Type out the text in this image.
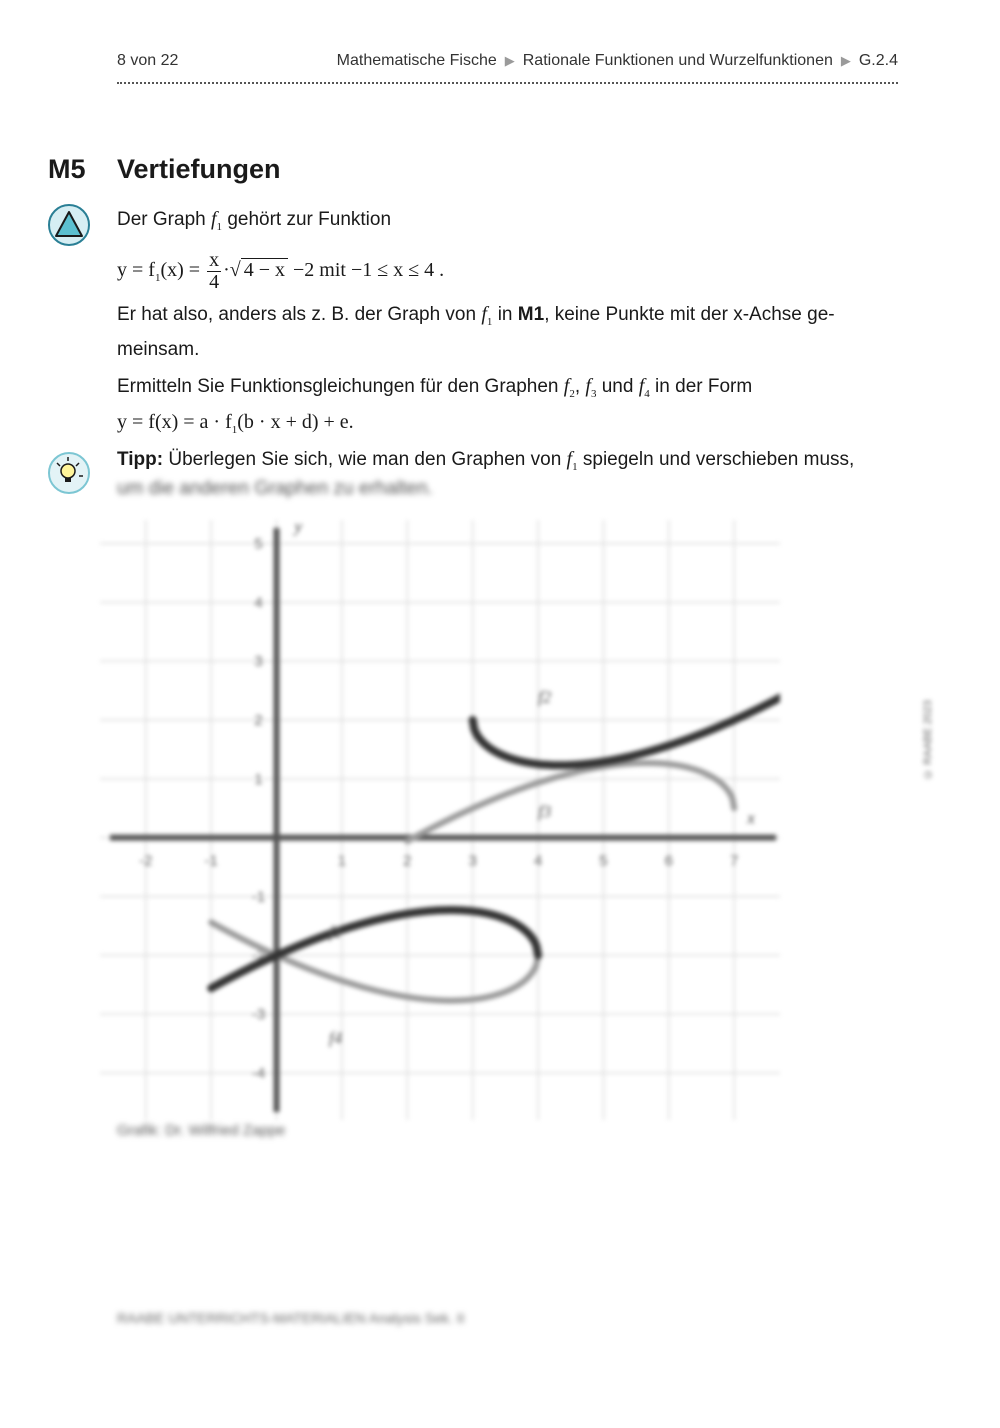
8 von 22	Mathematische Fische ▶ Rationale Funktionen und Wurzelfunktionen ▶ G.2.4
M5 Vertiefungen
Der Graph $f_1$ gehört zur Funktion
$y = f_1(x) = \frac{x}{4}$ ·√ 4 − x −2 mit −1 ≤ x ≤ 4 .
Er hat also, anders als z. B. der Graph von $f_1$ in M1, keine Punkte mit der x-Achse ge-
meinsam.
Ermitteln Sie Funktionsgleichungen für den Graphen $f_2$, $f_3$ und $f_4$ in der Form
$y = f(x) = a \cdot f_1(b \cdot x + d) + e$.
Tipp: Überlegen Sie sich, wie man den Graphen von $f_1$ spiegeln und verschieben muss,
um die anderen Graphen zu erhalten.
-2	-1	1	2	3	4	5	6	7
-4
-3
-2
-1
1
2
3
4
5
x
y
f2
f3
f1
f4
Grafik: Dr. Wilfried Zappe
RAABE UNTERRICHTS-MATERIALIEN Analysis Sek. II
© RAABE 2023
